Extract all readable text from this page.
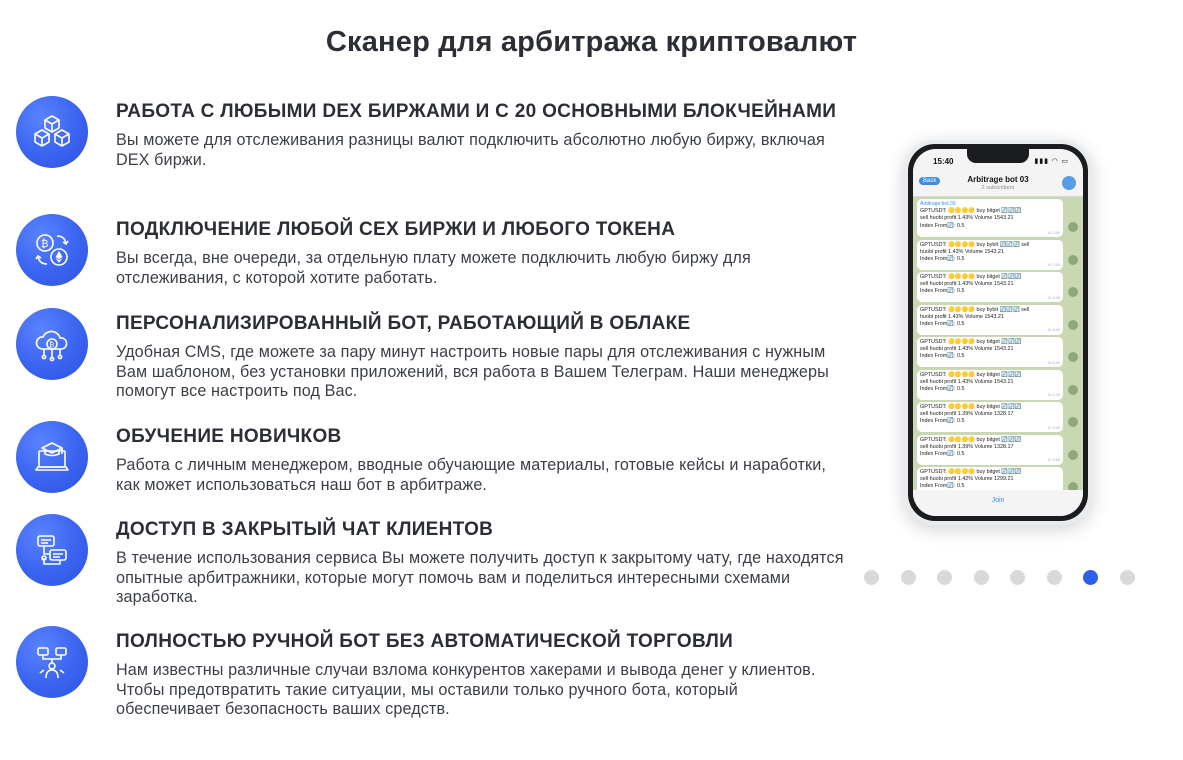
Сканер для арбитража криптовалют
РАБОТА С ЛЮБЫМИ DEX БИРЖАМИ И С 20 ОСНОВНЫМИ БЛОКЧЕЙНАМИ
Вы можете для отслеживания разницы валют подключить абсолютно любую биржу, включая DEX биржи.
₿
ПОДКЛЮЧЕНИЕ ЛЮБОЙ CEX БИРЖИ И ЛЮБОГО ТОКЕНА
Вы всегда, вне очереди, за отдельную плату можете подключить любую биржу для отслеживания, с которой хотите работать.
₿
ПЕРСОНАЛИЗИРОВАННЫЙ БОТ, РАБОТАЮЩИЙ В ОБЛАКЕ
Удобная CMS, где можете за пару минут настроить новые пары для отслеживания с нужным Вам шаблоном, без установки приложений, вся работа в Вашем Телеграм. Наши менеджеры помогут все настроить под Вас.
ОБУЧЕНИЕ НОВИЧКОВ
Работа с личным менеджером, вводные обучающие материалы, готовые кейсы и наработки, как может использоваться наш бот в арбитраже.
ДОСТУП В ЗАКРЫТЫЙ ЧАТ КЛИЕНТОВ
В течение использования сервиса Вы можете получить доступ к закрытому чату, где находятся опытные арбитражники, которые могут помочь вам и поделиться интересными схемами заработка.
ПОЛНОСТЬЮ РУЧНОЙ БОТ БЕЗ АВТОМАТИЧЕСКОЙ ТОРГОВЛИ
Нам известны различные случаи взлома конкурентов хакерами и вывода денег у клиентов. Чтобы предотвратить такие ситуации, мы оставили только ручного бота, который обеспечивает безопасность ваших средств.
15:40	▮▮▮ ◠ ▭
Back	Arbitrage bot 03
2 subscribers
Arbitrage bot 03
GPTUSDT: 🟡🟡🟡🟡 buy bitget 🔄🔄🔄
sell huobi profit 1.43% Volume 1543.21
Index From🔄: 0.5
⊙ 2:40
GPTUSDT: 🟡🟡🟡🟡 buy bybit 🔄🔄🔄 sell
huobi profit 1.43% Volume 1543.21
Index From🔄: 0.5
⊙ 2:40
GPTUSDT: 🟡🟡🟡🟡 buy bitget 🔄🔄🔄
sell huobi profit 1.43% Volume 1543.21
Index From🔄: 0.5
⊙ 2:40
GPTUSDT: 🟡🟡🟡🟡 buy bybit 🔄🔄🔄 sell
huobi profit 1.43% Volume 1543.21
Index From🔄: 0.5
⊙ 2:40
GPTUSDT: 🟡🟡🟡🟡 buy bitget 🔄🔄🔄
sell huobi profit 1.43% Volume 1543.21
Index From🔄: 0.5
⊙ 2:40
GPTUSDT: 🟡🟡🟡🟡 buy bitget 🔄🔄🔄
sell huobi profit 1.43% Volume 1543.21
Index From🔄: 0.5
⊙ 2:40
GPTUSDT: 🟡🟡🟡🟡 buy bitget 🔄🔄🔄
sell huobi profit 1.39% Volume 1328.17
Index From🔄: 0.5
⊙ 2:40
GPTUSDT: 🟡🟡🟡🟡 buy bitget 🔄🔄🔄
sell huobi profit 1.39% Volume 1328.17
Index From🔄: 0.5
⊙ 2:40
GPTUSDT: 🟡🟡🟡🟡 buy bitget 🔄🔄🔄
sell huobi profit 1.42% Volume 1299.21
Index From🔄: 0.5
Join
